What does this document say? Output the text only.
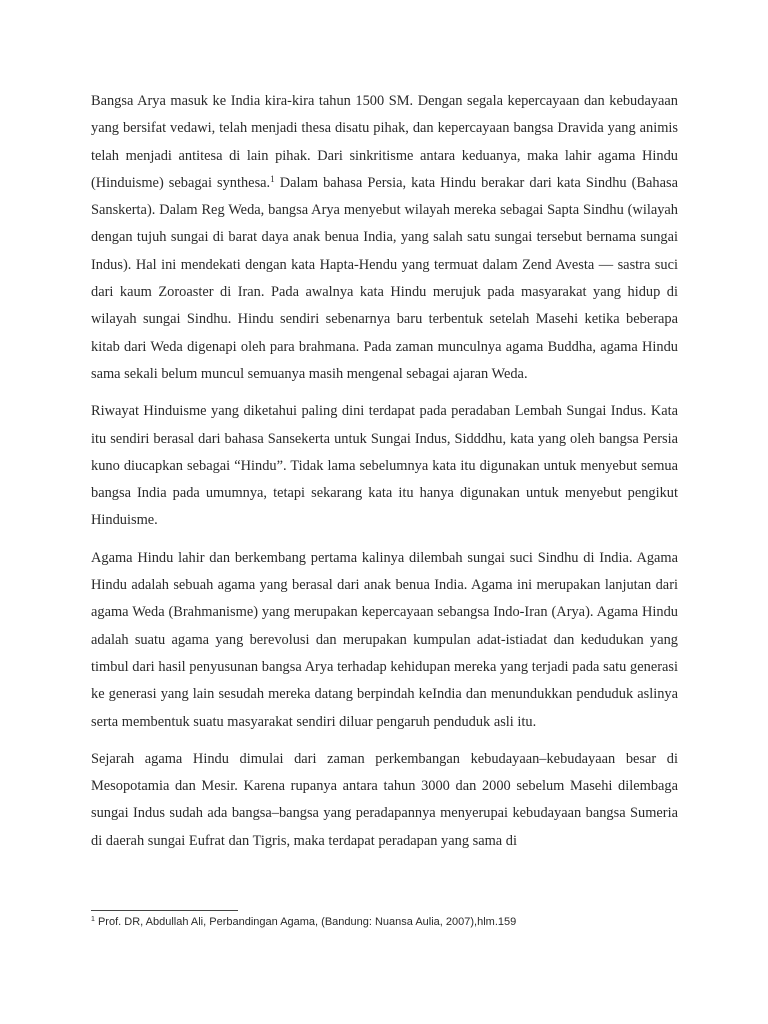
Bangsa Arya masuk ke India kira-kira tahun 1500 SM. Dengan segala kepercayaan dan kebudayaan yang bersifat vedawi, telah menjadi thesa disatu pihak, dan kepercayaan bangsa Dravida yang animis telah menjadi antitesa di lain pihak. Dari sinkritisme antara keduanya, maka lahir agama Hindu (Hinduisme) sebagai synthesa.$^1$ Dalam bahasa Persia, kata Hindu berakar dari kata Sindhu (Bahasa Sanskerta). Dalam Reg Weda, bangsa Arya menyebut wilayah mereka sebagai Sapta Sindhu (wilayah dengan tujuh sungai di barat daya anak benua India, yang salah satu sungai tersebut bernama sungai Indus). Hal ini mendekati dengan kata Hapta-Hendu yang termuat dalam Zend Avesta — sastra suci dari kaum Zoroaster di Iran. Pada awalnya kata Hindu merujuk pada masyarakat yang hidup di wilayah sungai Sindhu. Hindu sendiri sebenarnya baru terbentuk setelah Masehi ketika beberapa kitab dari Weda digenapi oleh para brahmana. Pada zaman munculnya agama Buddha, agama Hindu sama sekali belum muncul semuanya masih mengenal sebagai ajaran Weda.

Riwayat Hinduisme yang diketahui paling dini terdapat pada peradaban Lembah Sungai Indus. Kata itu sendiri berasal dari bahasa Sansekerta untuk Sungai Indus, Sidddhu, kata yang oleh bangsa Persia kuno diucapkan sebagai “Hindu”. Tidak lama sebelumnya kata itu digunakan untuk menyebut semua bangsa India pada umumnya, tetapi sekarang kata itu hanya digunakan untuk menyebut pengikut Hinduisme.

Agama Hindu lahir dan berkembang pertama kalinya dilembah sungai suci Sindhu di India. Agama Hindu adalah sebuah agama yang berasal dari anak benua India. Agama ini merupakan lanjutan dari agama Weda (Brahmanisme) yang merupakan kepercayaan sebangsa Indo-Iran (Arya). Agama Hindu adalah suatu agama yang berevolusi dan merupakan kumpulan adat-istiadat dan kedudukan yang timbul dari hasil penyusunan bangsa Arya terhadap kehidupan mereka yang terjadi pada satu generasi ke generasi yang lain sesudah mereka datang berpindah keIndia dan menundukkan penduduk aslinya serta membentuk suatu masyarakat sendiri diluar pengaruh penduduk asli itu.

Sejarah agama Hindu dimulai dari zaman perkembangan kebudayaan–kebudayaan besar di Mesopotamia dan Mesir. Karena rupanya antara tahun 3000 dan 2000 sebelum Masehi dilembaga sungai Indus sudah ada bangsa–bangsa yang peradapannya menyerupai kebudayaan bangsa Sumeria di daerah sungai Eufrat dan Tigris, maka terdapat peradapan yang sama di

$^1$ Prof. DR, Abdullah Ali, Perbandingan Agama, (Bandung: Nuansa Aulia, 2007),hlm.159
